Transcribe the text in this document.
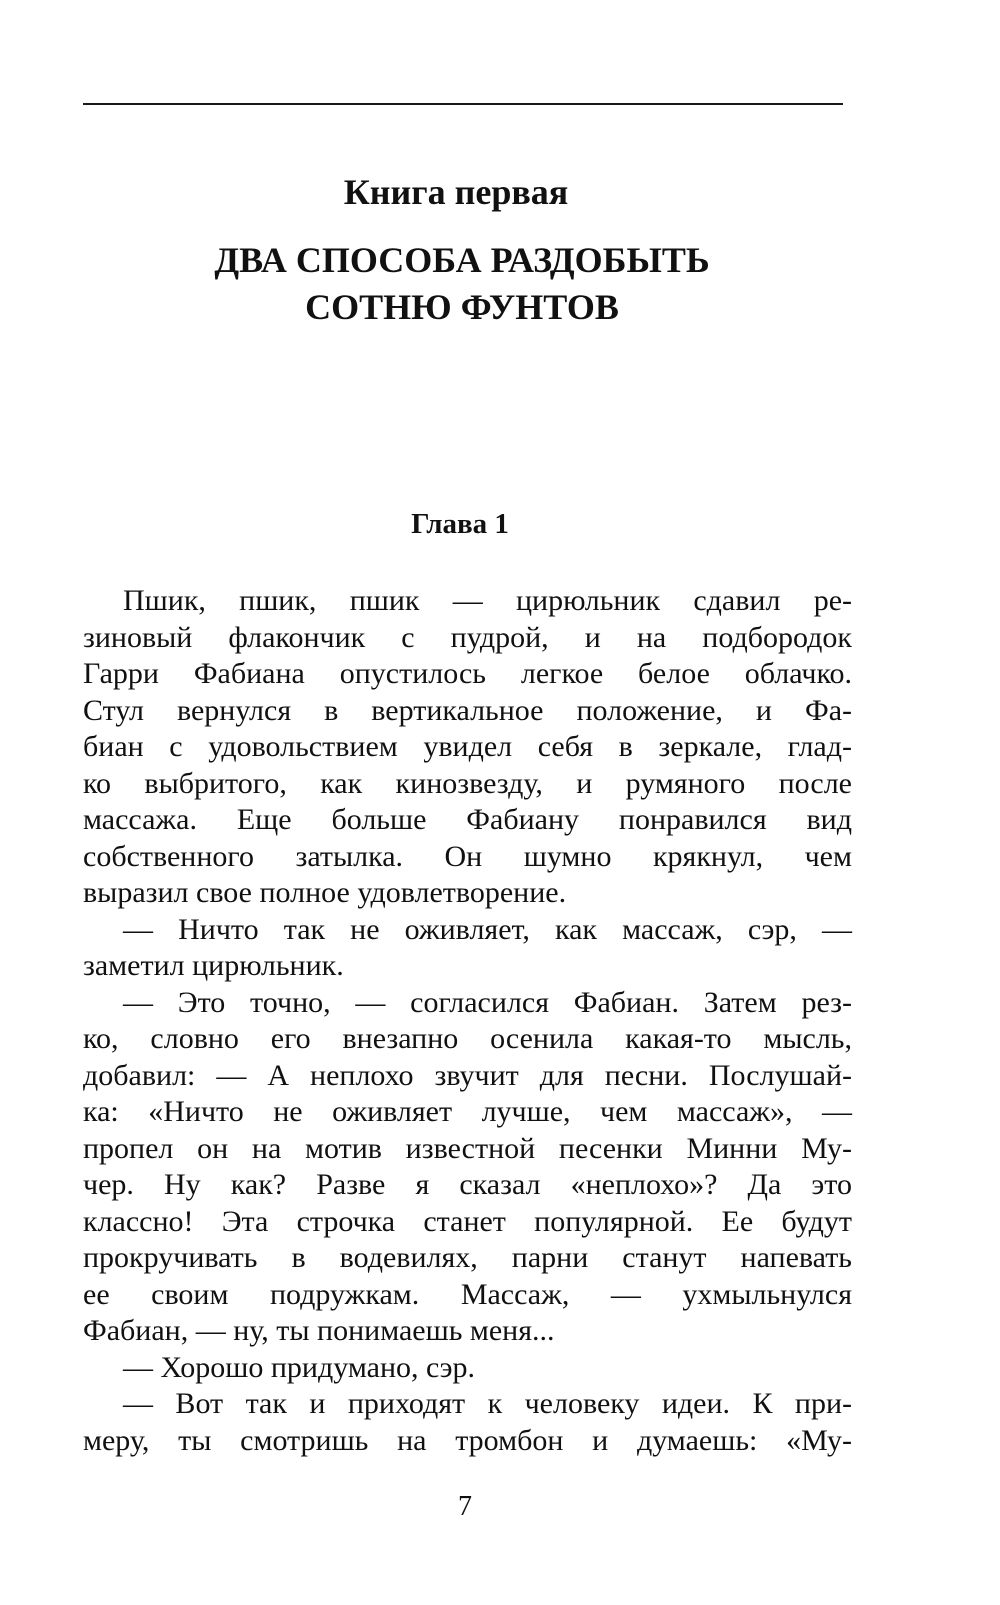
Книга первая
ДВА СПОСОБА РАЗДОБЫТЬ
СОТНЮ ФУНТОВ
Глава 1
Пшик, пшик, пшик — цирюльник сдавил ре-
зиновый флакончик с пудрой, и на подбородок
Гарри Фабиана опустилось легкое белое облачко.
Стул вернулся в вертикальное положение, и Фа-
биан с удовольствием увидел себя в зеркале, глад-
ко выбритого, как кинозвезду, и румяного после
массажа. Еще больше Фабиану понравился вид
собственного затылка. Он шумно крякнул, чем
выразил свое полное удовлетворение.
— Ничто так не оживляет, как массаж, сэр, —
заметил цирюльник.
— Это точно, — согласился Фабиан. Затем рез-
ко, словно его внезапно осенила какая-то мысль,
добавил: — А неплохо звучит для песни. Послушай-
ка: «Ничто не оживляет лучше, чем массаж», —
пропел он на мотив известной песенки Минни Му-
чер. Ну как? Разве я сказал «неплохо»? Да это
классно! Эта строчка станет популярной. Ее будут
прокручивать в водевилях, парни станут напевать
ее своим подружкам. Массаж, — ухмыльнулся
Фабиан, — ну, ты понимаешь меня...
— Хорошо придумано, сэр.
— Вот так и приходят к человеку идеи. К при-
меру, ты смотришь на тромбон и думаешь: «Му-
7
